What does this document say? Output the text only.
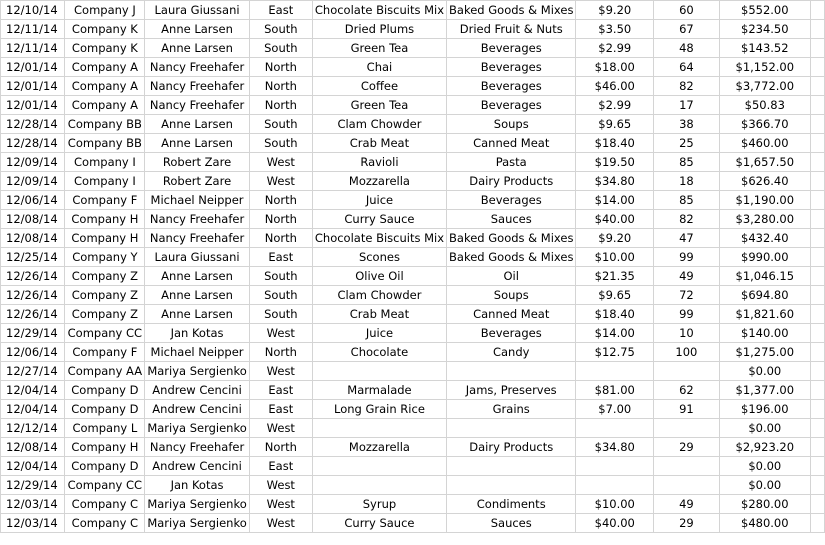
12/10/14	Company J	Laura Giussani	East	Chocolate Biscuits Mix	Baked Goods & Mixes	$9.20	60	$552.00	
12/11/14	Company K	Anne Larsen	South	Dried Plums	Dried Fruit & Nuts	$3.50	67	$234.50	
12/11/14	Company K	Anne Larsen	South	Green Tea	Beverages	$2.99	48	$143.52	
12/01/14	Company A	Nancy Freehafer	North	Chai	Beverages	$18.00	64	$1,152.00	
12/01/14	Company A	Nancy Freehafer	North	Coffee	Beverages	$46.00	82	$3,772.00	
12/01/14	Company A	Nancy Freehafer	North	Green Tea	Beverages	$2.99	17	$50.83	
12/28/14	Company BB	Anne Larsen	South	Clam Chowder	Soups	$9.65	38	$366.70	
12/28/14	Company BB	Anne Larsen	South	Crab Meat	Canned Meat	$18.40	25	$460.00	
12/09/14	Company I	Robert Zare	West	Ravioli	Pasta	$19.50	85	$1,657.50	
12/09/14	Company I	Robert Zare	West	Mozzarella	Dairy Products	$34.80	18	$626.40	
12/06/14	Company F	Michael Neipper	North	Juice	Beverages	$14.00	85	$1,190.00	
12/08/14	Company H	Nancy Freehafer	North	Curry Sauce	Sauces	$40.00	82	$3,280.00	
12/08/14	Company H	Nancy Freehafer	North	Chocolate Biscuits Mix	Baked Goods & Mixes	$9.20	47	$432.40	
12/25/14	Company Y	Laura Giussani	East	Scones	Baked Goods & Mixes	$10.00	99	$990.00	
12/26/14	Company Z	Anne Larsen	South	Olive Oil	Oil	$21.35	49	$1,046.15	
12/26/14	Company Z	Anne Larsen	South	Clam Chowder	Soups	$9.65	72	$694.80	
12/26/14	Company Z	Anne Larsen	South	Crab Meat	Canned Meat	$18.40	99	$1,821.60	
12/29/14	Company CC	Jan Kotas	West	Juice	Beverages	$14.00	10	$140.00	
12/06/14	Company F	Michael Neipper	North	Chocolate	Candy	$12.75	100	$1,275.00	
12/27/14	Company AA	Mariya Sergienko	West					$0.00	
12/04/14	Company D	Andrew Cencini	East	Marmalade	Jams, Preserves	$81.00	62	$1,377.00	
12/04/14	Company D	Andrew Cencini	East	Long Grain Rice	Grains	$7.00	91	$196.00	
12/12/14	Company L	Mariya Sergienko	West					$0.00	
12/08/14	Company H	Nancy Freehafer	North	Mozzarella	Dairy Products	$34.80	29	$2,923.20	
12/04/14	Company D	Andrew Cencini	East					$0.00	
12/29/14	Company CC	Jan Kotas	West					$0.00	
12/03/14	Company C	Mariya Sergienko	West	Syrup	Condiments	$10.00	49	$280.00	
12/03/14	Company C	Mariya Sergienko	West	Curry Sauce	Sauces	$40.00	29	$480.00	
